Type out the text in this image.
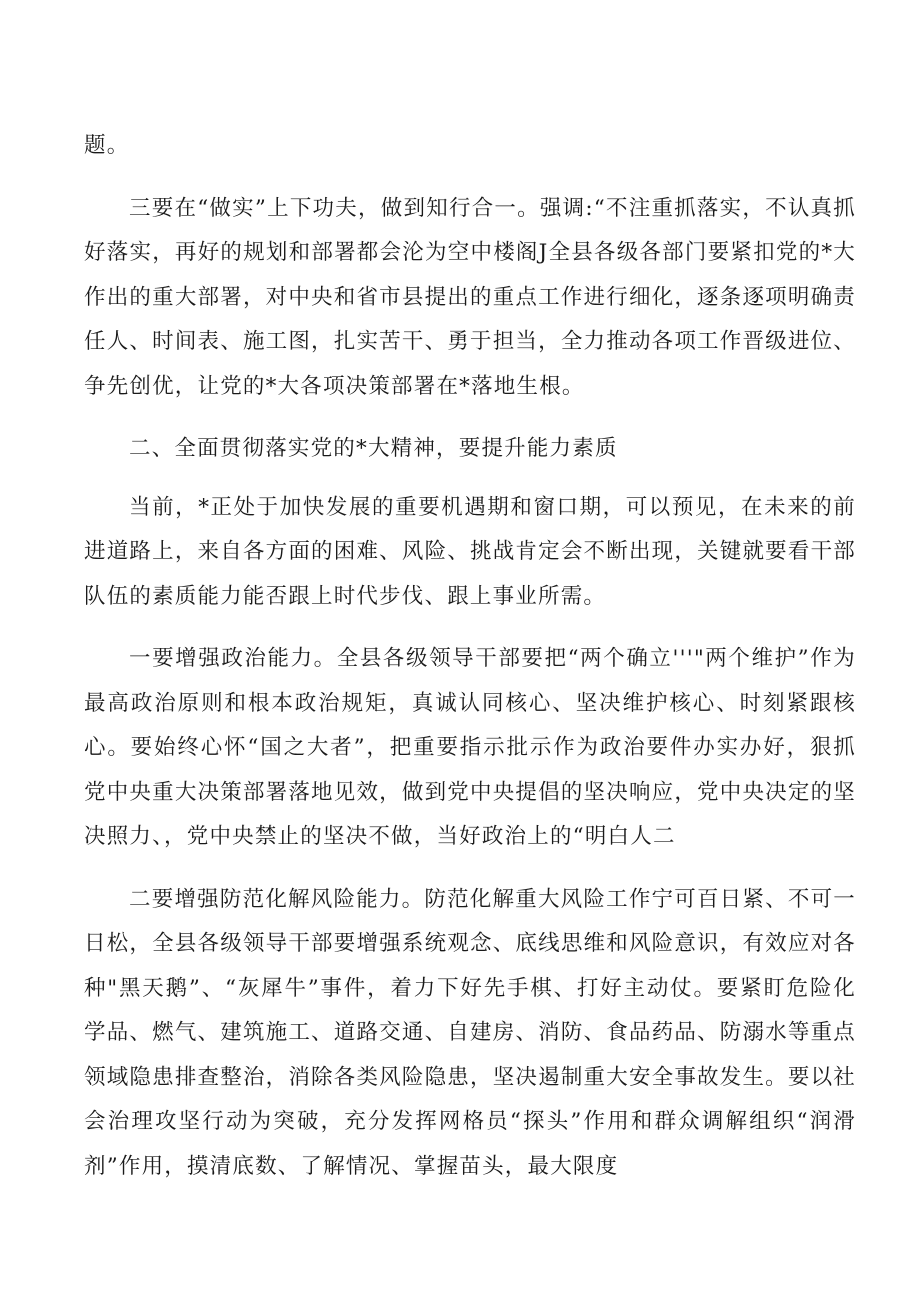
题。

三要在“做实”上下功夫，做到知行合一。强调:“不注重抓落实，不认真抓好落实，再好的规划和部署都会沦为空中楼阁J全县各级各部门要紧扣党的*大作出的重大部署，对中央和省市县提出的重点工作进行细化，逐条逐项明确责任人、时间表、施工图，扎实苦干、勇于担当，全力推动各项工作晋级进位、争先创优，让党的*大各项决策部署在*落地生根。

二、全面贯彻落实党的*大精神，要提升能力素质

当前，*正处于加快发展的重要机遇期和窗口期，可以预见，在未来的前进道路上，来自各方面的困难、风险、挑战肯定会不断出现，关键就要看干部队伍的素质能力能否跟上时代步伐、跟上事业所需。

一要增强政治能力。全县各级领导干部要把“两个确立'''"两个维护”作为最高政治原则和根本政治规矩，真诚认同核心、坚决维护核心、时刻紧跟核心。要始终心怀“国之大者”，把重要指示批示作为政治要件办实办好，狠抓党中央重大决策部署落地见效，做到党中央提倡的坚决响应，党中央决定的坚决照力、，党中央禁止的坚决不做，当好政治上的“明白人二

二要增强防范化解风险能力。防范化解重大风险工作宁可百日紧、不可一日松，全县各级领导干部要增强系统观念、底线思维和风险意识，有效应对各种"黑天鹅”、“灰犀牛”事件，着力下好先手棋、打好主动仗。要紧盯危险化学品、燃气、建筑施工、道路交通、自建房、消防、食品药品、防溺水等重点领域隐患排查整治，消除各类风险隐患，坚决遏制重大安全事故发生。要以社会治理攻坚行动为突破，充分发挥网格员“探头”作用和群众调解组织“润滑剂”作用，摸清底数、了解情况、掌握苗头，最大限度
